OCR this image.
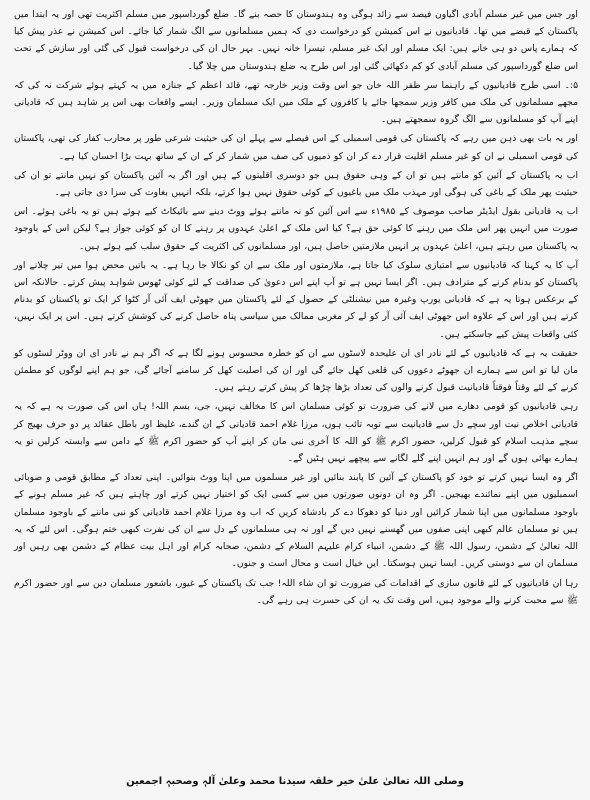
اور جس میں غیر مسلم آبادی اگیاون فیصد سے زائد ہوگی وہ ہندوستان کا حصہ بنے گا۔ ضلع گورداسپور میں مسلم اکثریت تھی اور یہ ابتدا میں پاکستان کے قبضے میں تھا۔ قادیانیوں نے اس کمیشن کو درخواست دی کہ ہمیں مسلمانوں سے الگ شمار کیا جائے۔ اس کمیشن نے عذر پیش کیا کہ ہمارے پاس دو ہی خانے ہیں: ایک مسلم اور ایک غیر مسلم، تیسرا خانہ نہیں۔ بہر حال ان کی درخواست قبول کی گئی اور سازش کے تحت اس ضلع گورداسپور کی مسلم آبادی کو کم دکھائی گئی اور اس طرح یہ ضلع ہندوستان میں چلا گیا۔

۵:۔ اسی طرح قادیانیوں کے راہنما سر ظفر اللہ خان جو اس وقت وزیر خارجہ تھے، قائد اعظم کے جنازہ میں یہ کہتے ہوئے شرکت نہ کی کہ مجھے مسلمانوں کی ملک میں کافر وزیر سمجھا جائے یا کافروں کے ملک میں ایک مسلمان وزیر۔ ایسے واقعات بھی اس پر شاہد ہیں کہ قادیانی اپنے آپ کو مسلمانوں سے الگ گروہ سمجھتے ہیں۔

اور یہ بات بھی ذہن میں رہے کہ پاکستان کی قومی اسمبلی کے اس فیصلے سے پہلے ان کی حیثیت شرعی طور پر محارب کفار کی تھی، پاکستان کی قومی اسمبلی نے ان کو غیر مسلم اقلیت قرار دے کر ان کو ذمیوں کی صف میں شمار کر کے ان کے ساتھ بہت بڑا احسان کیا ہے۔

اب یہ پاکستان کے آئین کو مانتے ہیں تو ان کے وہی حقوق ہیں جو دوسری اقلیتوں کے ہیں اور اگر یہ آئین پاکستان کو نہیں مانتے تو ان کی حیثیت پھر ملک کے باغی کی ہوگی اور مہذب ملک میں باغیوں کے کوئی حقوق نہیں ہوا کرتے، بلکہ انہیں بغاوت کی سزا دی جاتی ہے۔

اب یہ قادیانی بقول ایڈیٹر صاحب موصوف کے ۱۹۸۵ء سے اس آئین کو نہ مانتے ہوئے ووٹ دینے سے بائیکاٹ کیے ہوئے ہیں تو یہ باغی ہوئے۔ اس صورت میں انہیں پھر اس ملک میں رہنے کا کوئی حق ہے؟ کیا اس ملک کے اعلیٰ عہدوں پر رہنے کا ان کو کوئی جواز ہے؟ لیکن اس کے باوجود یہ پاکستان میں رہتے ہیں، اعلیٰ عہدوں پر انہیں ملازمتیں حاصل ہیں، اور مسلمانوں کی اکثریت کے حقوق سلب کیے ہوئے ہیں۔

آپ کا یہ کہنا کہ قادیانیوں سے امتیازی سلوک کیا جاتا ہے، ملازمتوں اور ملک سے ان کو نکالا جا رہا ہے۔ یہ باتیں محض ہوا میں تیر چلانے اور پاکستان کو بدنام کرنے کے مترادف ہیں۔ اگر ایسا نہیں ہے تو آپ اپنے اس دعویٰ کی صداقت کے لئے کوئی ٹھوس شواہد پیش کرتے۔ حالانکہ اس کے برعکس ہوتا یہ ہے کہ قادیانی یورپ وغیرہ میں نیشنلٹی کے حصول کے لئے پاکستان میں جھوٹی ایف آئی آر کٹوا کر ایک تو پاکستان کو بدنام کرتے ہیں اور اس کے علاوہ اس جھوٹی ایف آئی آر کو لے کر مغربی ممالک میں سیاسی پناہ حاصل کرنے کی کوشش کرتے ہیں۔ اس پر ایک نہیں، کئی واقعات پیش کیے جاسکتے ہیں۔

حقیقت یہ ہے کہ قادیانیوں کے لئے نادر ای ان علیحدہ لاسٹوں سے ان کو خطرہ محسوس ہونے لگا ہے کہ اگر ہم نے نادر ای ان ووٹر لسٹوں کو مان لیا تو اس سے ہمارے ان جھوٹے دعووں کی قلعی کھل جائے گی اور ان کی اصلیت کھل کر سامنے آجائے گی، جو ہم اپنے لوگوں کو مطمئن کرنے کے لئے وقتاً فوقتاً قادیانیت قبول کرنے والوں کی تعداد بڑھا چڑھا کر پیش کرتے رہتے ہیں۔

رہی قادیانیوں کو قومی دھارے میں لانے کی ضرورت تو کوئی مسلمان اس کا مخالف نہیں، جی، بسم اللہ! ہاں اس کی صورت یہ ہے کہ یہ قادیانی اخلاص نیت اور سچے دل سے قادیانیت سے توبہ تائب ہوں، مرزا غلام احمد قادیانی کے ان گندے، غلیظ اور باطل عقائد پر دو حرف بھیج کر سچے مذہب اسلام کو قبول کرلیں، حضور اکرم ﷺ کو اللہ کا آخری نبی مان کر اپنے آپ کو حضور اکرم ﷺ کے دامن سے وابستہ کرلیں تو یہ ہمارے بھائی ہوں گے اور ہم انہیں اپنے گلے لگانے سے پیچھے نہیں ہٹیں گے۔

اگر وہ ایسا نہیں کرتے تو خود کو پاکستان کے آئین کا پابند بنائیں اور غیر مسلموں میں اپنا ووٹ بنوائیں۔ اپنی تعداد کے مطابق قومی و صوبائی اسمبلیوں میں اپنے نمائندے بھیجیں۔ اگر وہ ان دونوں صورتوں میں سے کسی ایک کو اختیار نہیں کرتے اور چاہتے ہیں کہ غیر مسلم ہونے کے باوجود مسلمانوں میں اپنا شمار کرائیں اور دنیا کو دھوکا دے کر بادشاہ کریں کہ اب وہ مرزا غلام احمد قادیانی کو نبی ماننے کے باوجود مسلمان ہیں تو مسلمان عالم کبھی اپنی صفوں میں گھسنے نہیں دیں گے اور نہ ہی مسلمانوں کے دل سے ان کی نفرت کبھی ختم ہوگی۔ اس لئے کہ یہ اللہ تعالیٰ کے دشمن، رسول اللہ ﷺ کے دشمن، انبیاء کرام علیہم السلام کے دشمن، صحابہ کرام اور اہل بیت عظام کے دشمن بھی رہیں اور مسلمان ان سے دوستی کریں۔ ایسا نہیں ہوسکتا۔ ایں خیال است و محال است و جنوں۔

رہا ان قادیانیوں کے لئے قانون سازی کے اقدامات کی ضرورت تو ان شاء اللہ! جب تک پاکستان کے غیور، باشعور مسلمان دین سے اور حضور اکرم ﷺ سے محبت کرنے والے موجود ہیں، اس وقت تک یہ ان کی حسرت ہی رہے گی۔

وصلی اللہ تعالیٰ علیٰ خیر خلقہ سیدنا محمد وعلیٰ آلہٖ وصحبہٖ اجمعین
